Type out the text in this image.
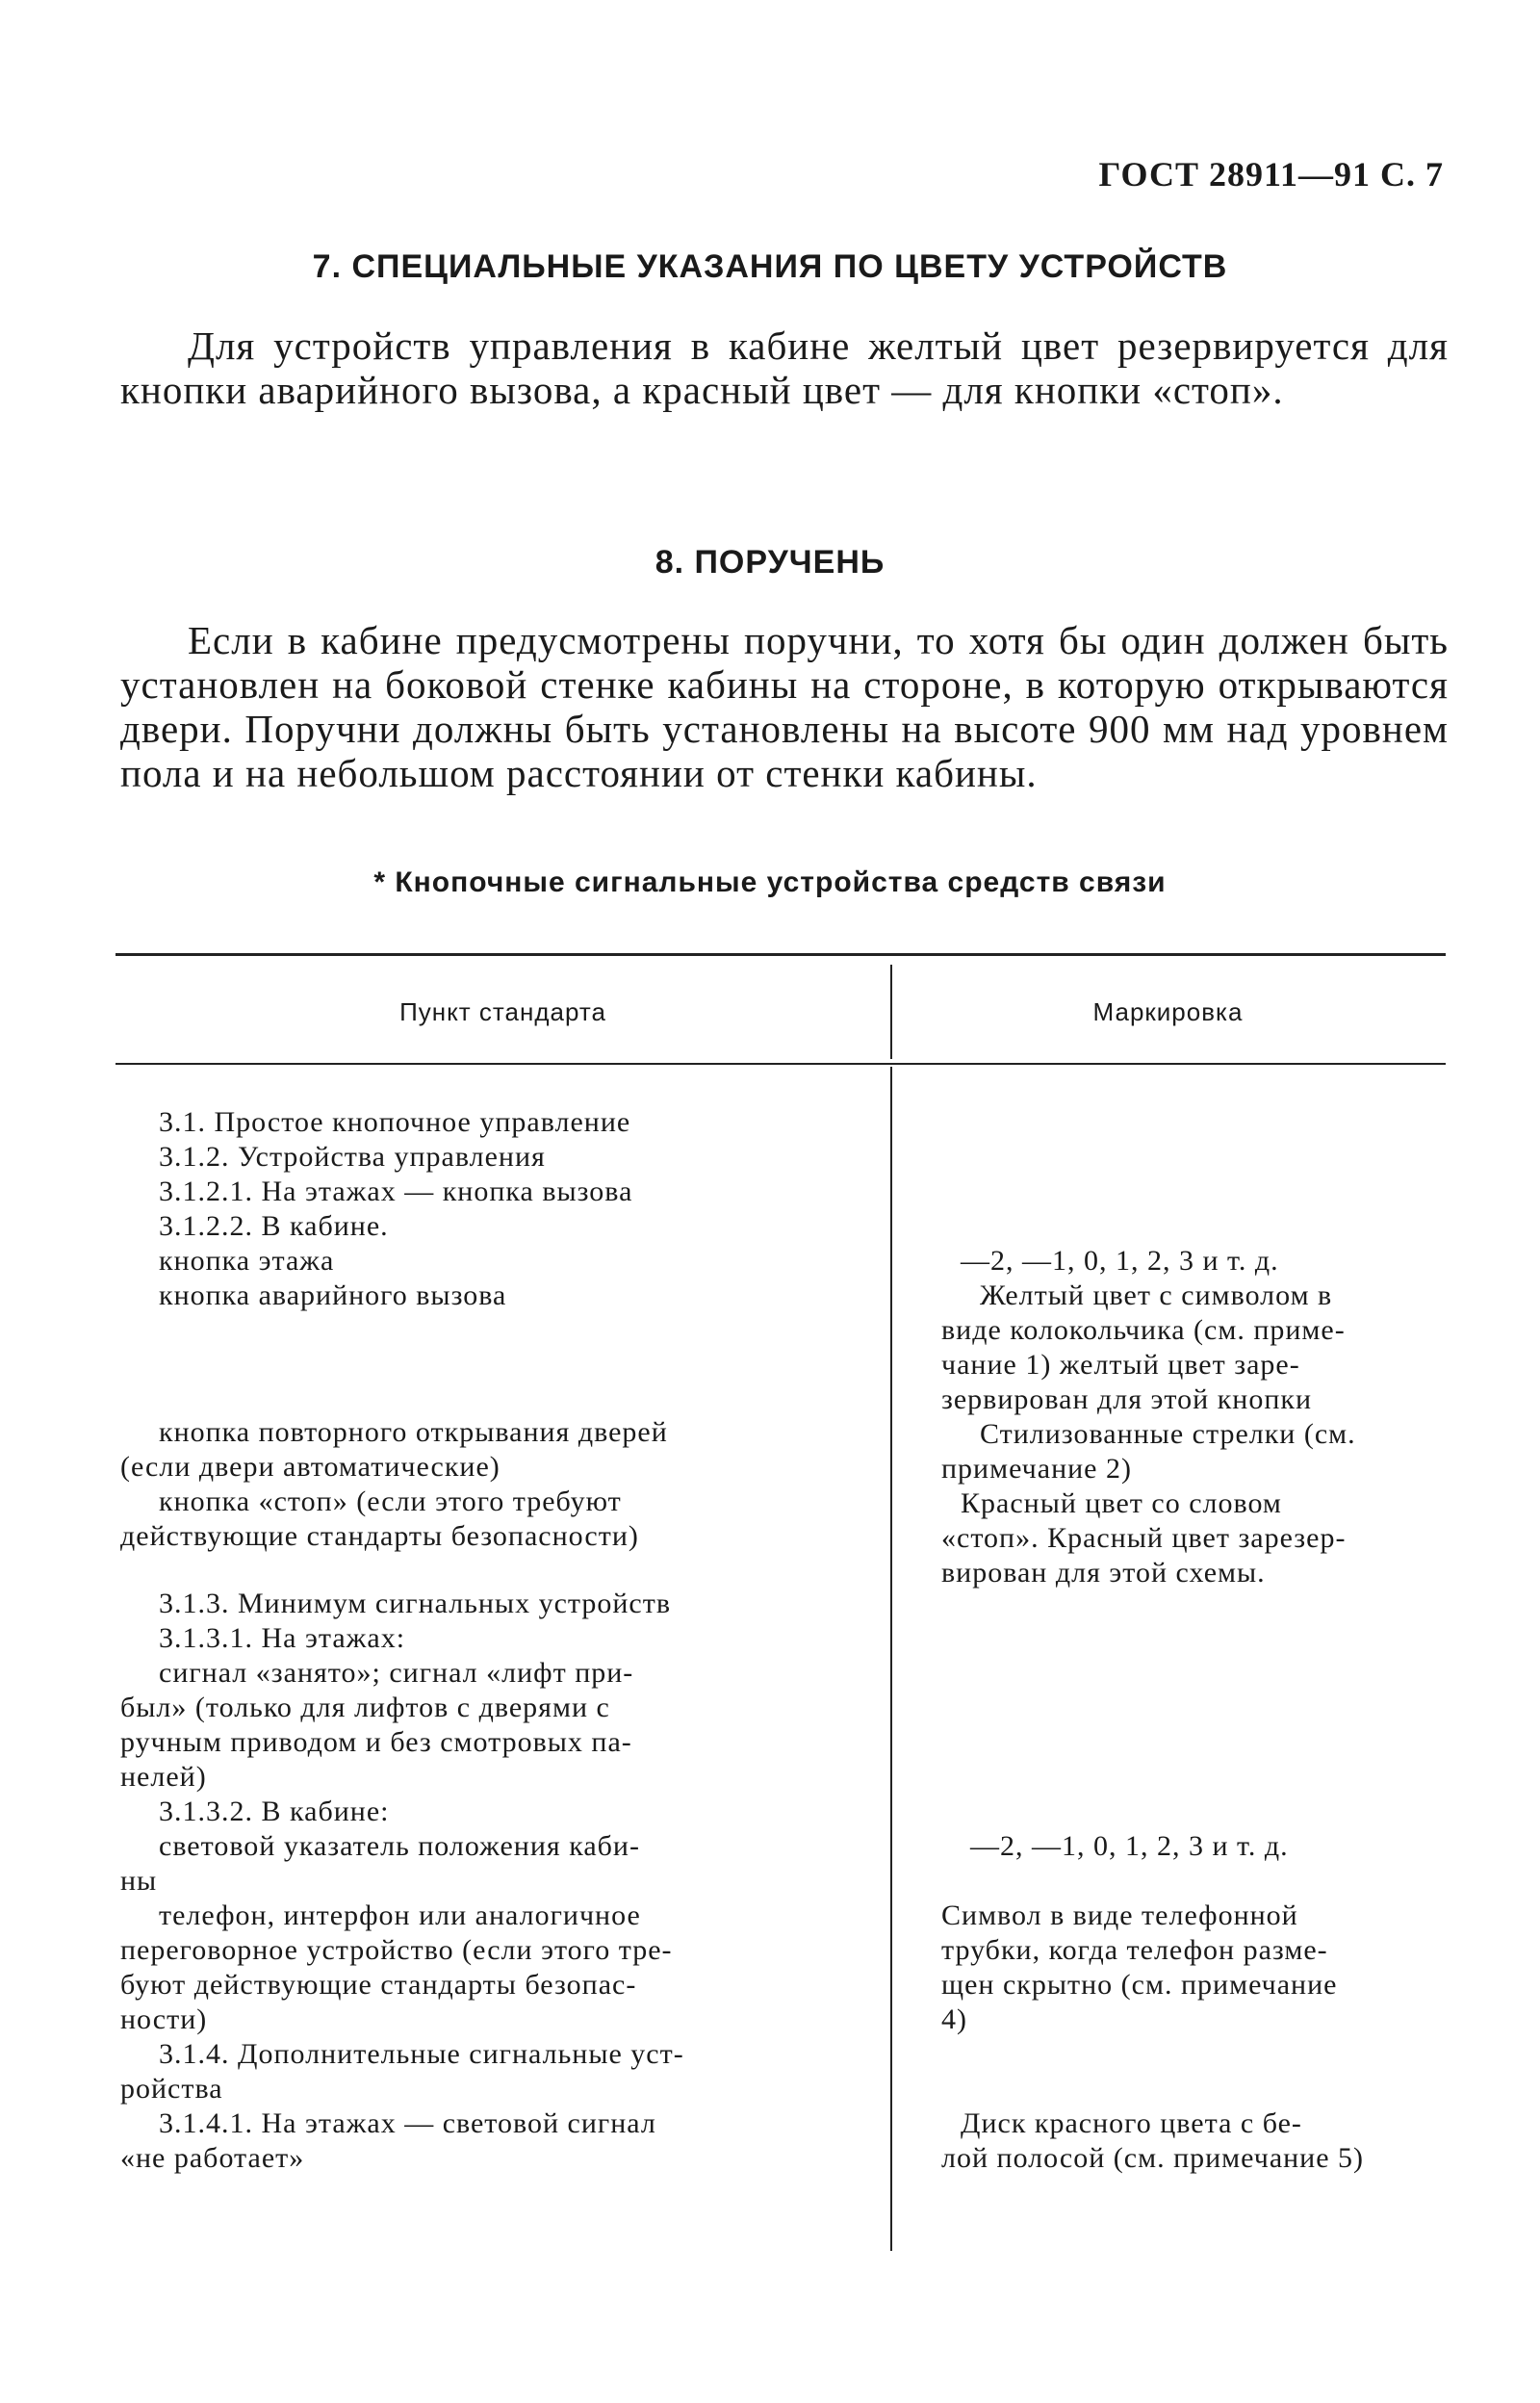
ГОСТ 28911—91 С. 7
7. СПЕЦИАЛЬНЫЕ УКАЗАНИЯ ПО ЦВЕТУ УСТРОЙСТВ
Для устройств управления в кабине желтый цвет резервируется для кнопки аварийного вызова, а красный цвет — для кнопки «стоп».
8. ПОРУЧЕНЬ
Если в кабине предусмотрены поручни, то хотя бы один должен быть установлен на боковой стенке кабины на стороне, в которую открываются двери. Поручни должны быть установлены на высоте 900 мм над уровнем пола и на небольшом расстоянии от стенки кабины.
* Кнопочные сигнальные устройства средств связи
Пункт стандарта	Маркировка
3.1. Простое кнопочное управление
3.1.2. Устройства управления
3.1.2.1. На этажах — кнопка вызова
3.1.2.2. В кабине.
кнопка этажа
кнопка аварийного вызова
кнопка повторного открывания дверей
(если двери автоматические)
кнопка «стоп» (если этого требуют
действующие стандарты безопасности)
3.1.3. Минимум сигнальных устройств
3.1.3.1. На этажах:
сигнал «занято»; сигнал «лифт при-
был» (только для лифтов с дверями с
ручным приводом и без смотровых па-
нелей)
3.1.3.2. В кабине:
световой указатель положения каби-
ны
телефон, интерфон или аналогичное
переговорное устройство (если этого тре-
буют действующие стандарты безопас-
ности)
3.1.4. Дополнительные сигнальные уст-
ройства
3.1.4.1. На этажах — световой сигнал
«не работает»
—2, —1, 0, 1, 2, 3 и т. д.
Желтый цвет с символом в
виде колокольчика (см. приме-
чание 1) желтый цвет заре-
зервирован для этой кнопки
Стилизованные стрелки (см.
примечание 2)
Красный цвет со словом
«стоп». Красный цвет зарезер-
вирован для этой схемы.
—2, —1, 0, 1, 2, 3 и т. д.
Символ в виде телефонной
трубки, когда телефон разме-
щен скрытно (см. примечание
4)
Диск красного цвета с бе-
лой полосой (см. примечание 5)
